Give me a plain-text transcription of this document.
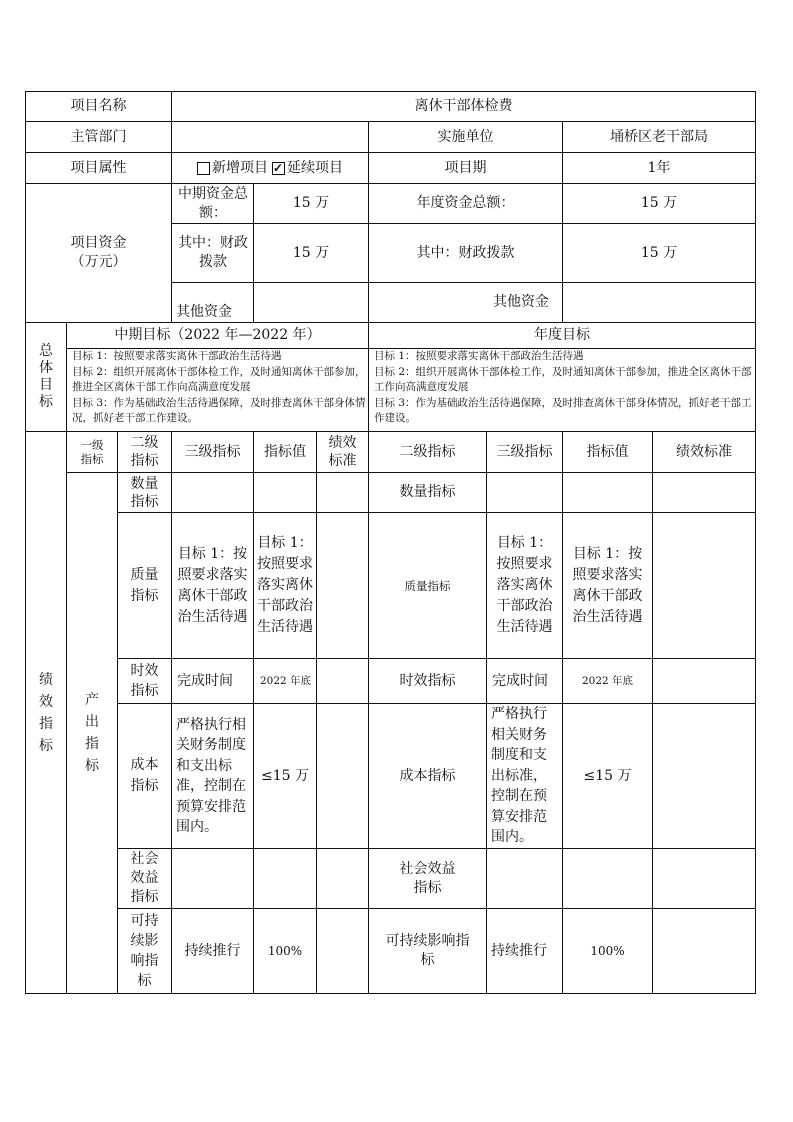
项目名称	离休干部体检费
主管部门	实施单位	埇桥区老干部局
项目属性	新增项目
✓ 延续项目	项目期	1年
项目资金
（万元）
中期资金总额：
15 万	年度资金总额：	15 万
其中：财政拨款
15 万	其中：财政拨款	15 万
其他资金
其他资金
总体目标
中期目标（2022 年—2022 年）	年度目标
目标 1：按照要求落实离休干部政治生活待遇
目标 2：组织开展离休干部体检工作，及时通知离休干部参加，推进全区离休干部工作向高满意度发展
目标 3：作为基础政治生活待遇保障，及时排查离休干部身体情况，抓好老干部工作建设。
目标 1：按照要求落实离休干部政治生活待遇
目标 2：组织开展离休干部体检工作，及时通知离休干部参加，推进全区离休干部工作向高满意度发展
目标 3：作为基础政治生活待遇保障，及时排查离休干部身体情况，抓好老干部工作建设。
绩效指标
一级指标
二级指标
三级指标	指标值
绩效标准
二级指标	三级指标	指标值	绩效标准
产出指标
数量指标
数量指标
质量指标
目标 1：按照要求落实离休干部政治生活待遇
目标 1：按照要求落实离休干部政治生活待遇
质量指标
目标 1：按照要求落实离休干部政治生活待遇
目标 1：按照要求落实离休干部政治生活待遇
时效指标
完成时间	2022 年底	时效指标	完成时间	2022 年底
成本指标
严格执行相关财务制度和支出标准，控制在预算安排范围内。
≤15 万	成本指标
严格执行相关财务制度和支出标准，控制在预算安排范围内。
≤15 万
社会效益指标
社会效益指标
可持续影响指标
持续推行	100%
可持续影响指标
持续推行	100%
